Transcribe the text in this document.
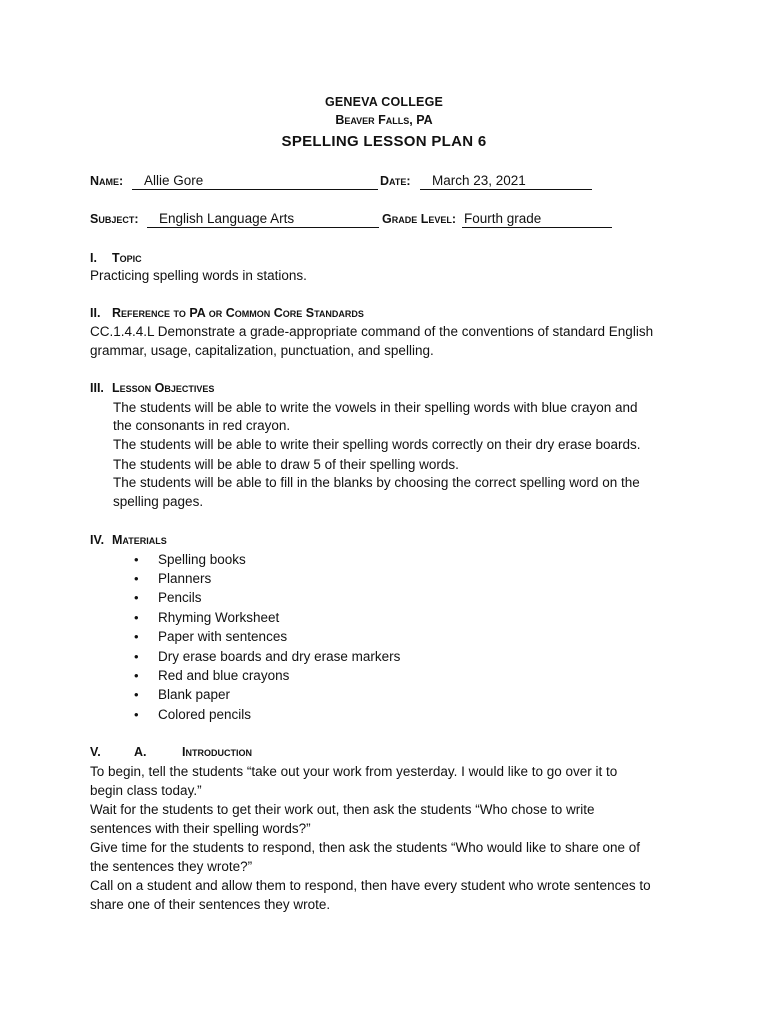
GENEVA COLLEGE
Beaver Falls, PA
SPELLING LESSON PLAN 6
Name:	Allie Gore	Date:	March 23, 2021
Subject:	English Language Arts	Grade Level: Fourth grade
I. Topic
Practicing spelling words in stations.
II. Reference to PA or Common Core Standards
CC.1.4.4.L Demonstrate a grade-appropriate command of the conventions of standard English
grammar, usage, capitalization, punctuation, and spelling.
III. Lesson Objectives
The students will be able to write the vowels in their spelling words with blue crayon and
the consonants in red crayon.
The students will be able to write their spelling words correctly on their dry erase boards.
The students will be able to draw 5 of their spelling words.
The students will be able to fill in the blanks by choosing the correct spelling word on the
spelling pages.
IV. Materials
• Spelling books
• Planners
• Pencils
• Rhyming Worksheet
• Paper with sentences
• Dry erase boards and dry erase markers
• Red and blue crayons
• Blank paper
• Colored pencils
V.	A.	Introduction
To begin, tell the students “take out your work from yesterday. I would like to go over it to
begin class today.”
Wait for the students to get their work out, then ask the students “Who chose to write
sentences with their spelling words?”
Give time for the students to respond, then ask the students “Who would like to share one of
the sentences they wrote?”
Call on a student and allow them to respond, then have every student who wrote sentences to
share one of their sentences they wrote.
